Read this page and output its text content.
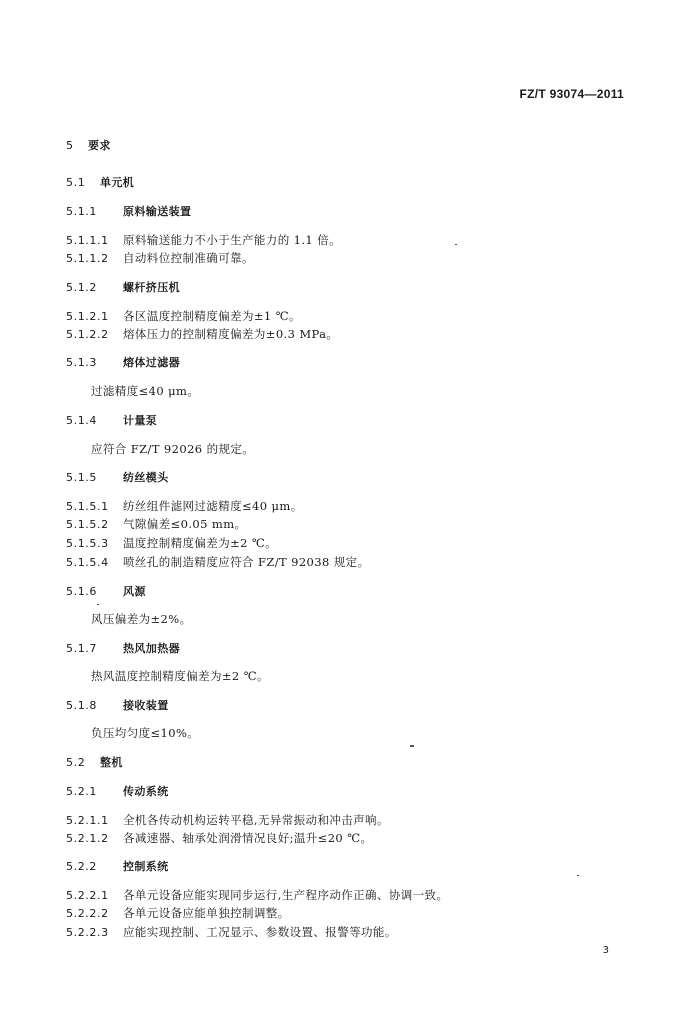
FZ/T 93074—2011
5 要求
5.1 单元机
5.1.1 原料输送装置
5.1.1.1 原料输送能力不小于生产能力的 1.1 倍。
5.1.1.2 自动料位控制准确可靠。
5.1.2 螺杆挤压机
5.1.2.1 各区温度控制精度偏差为±1 ℃。
5.1.2.2 熔体压力的控制精度偏差为±0.3 MPa。
5.1.3 熔体过滤器
过滤精度≤40 μm。
5.1.4 计量泵
应符合 FZ/T 92026 的规定。
5.1.5 纺丝模头
5.1.5.1 纺丝组件滤网过滤精度≤40 μm。
5.1.5.2 气隙偏差≤0.05 mm。
5.1.5.3 温度控制精度偏差为±2 ℃。
5.1.5.4 喷丝孔的制造精度应符合 FZ/T 92038 规定。
5.1.6 风源
风压偏差为±2%。
5.1.7 热风加热器
热风温度控制精度偏差为±2 ℃。
5.1.8 接收装置
负压均匀度≤10%。
5.2 整机
5.2.1 传动系统
5.2.1.1 全机各传动机构运转平稳,无异常振动和冲击声响。
5.2.1.2 各减速器、轴承处润滑情况良好;温升≤20 ℃。
5.2.2 控制系统
5.2.2.1 各单元设备应能实现同步运行,生产程序动作正确、协调一致。
5.2.2.2 各单元设备应能单独控制调整。
5.2.2.3 应能实现控制、工况显示、参数设置、报警等功能。
3
